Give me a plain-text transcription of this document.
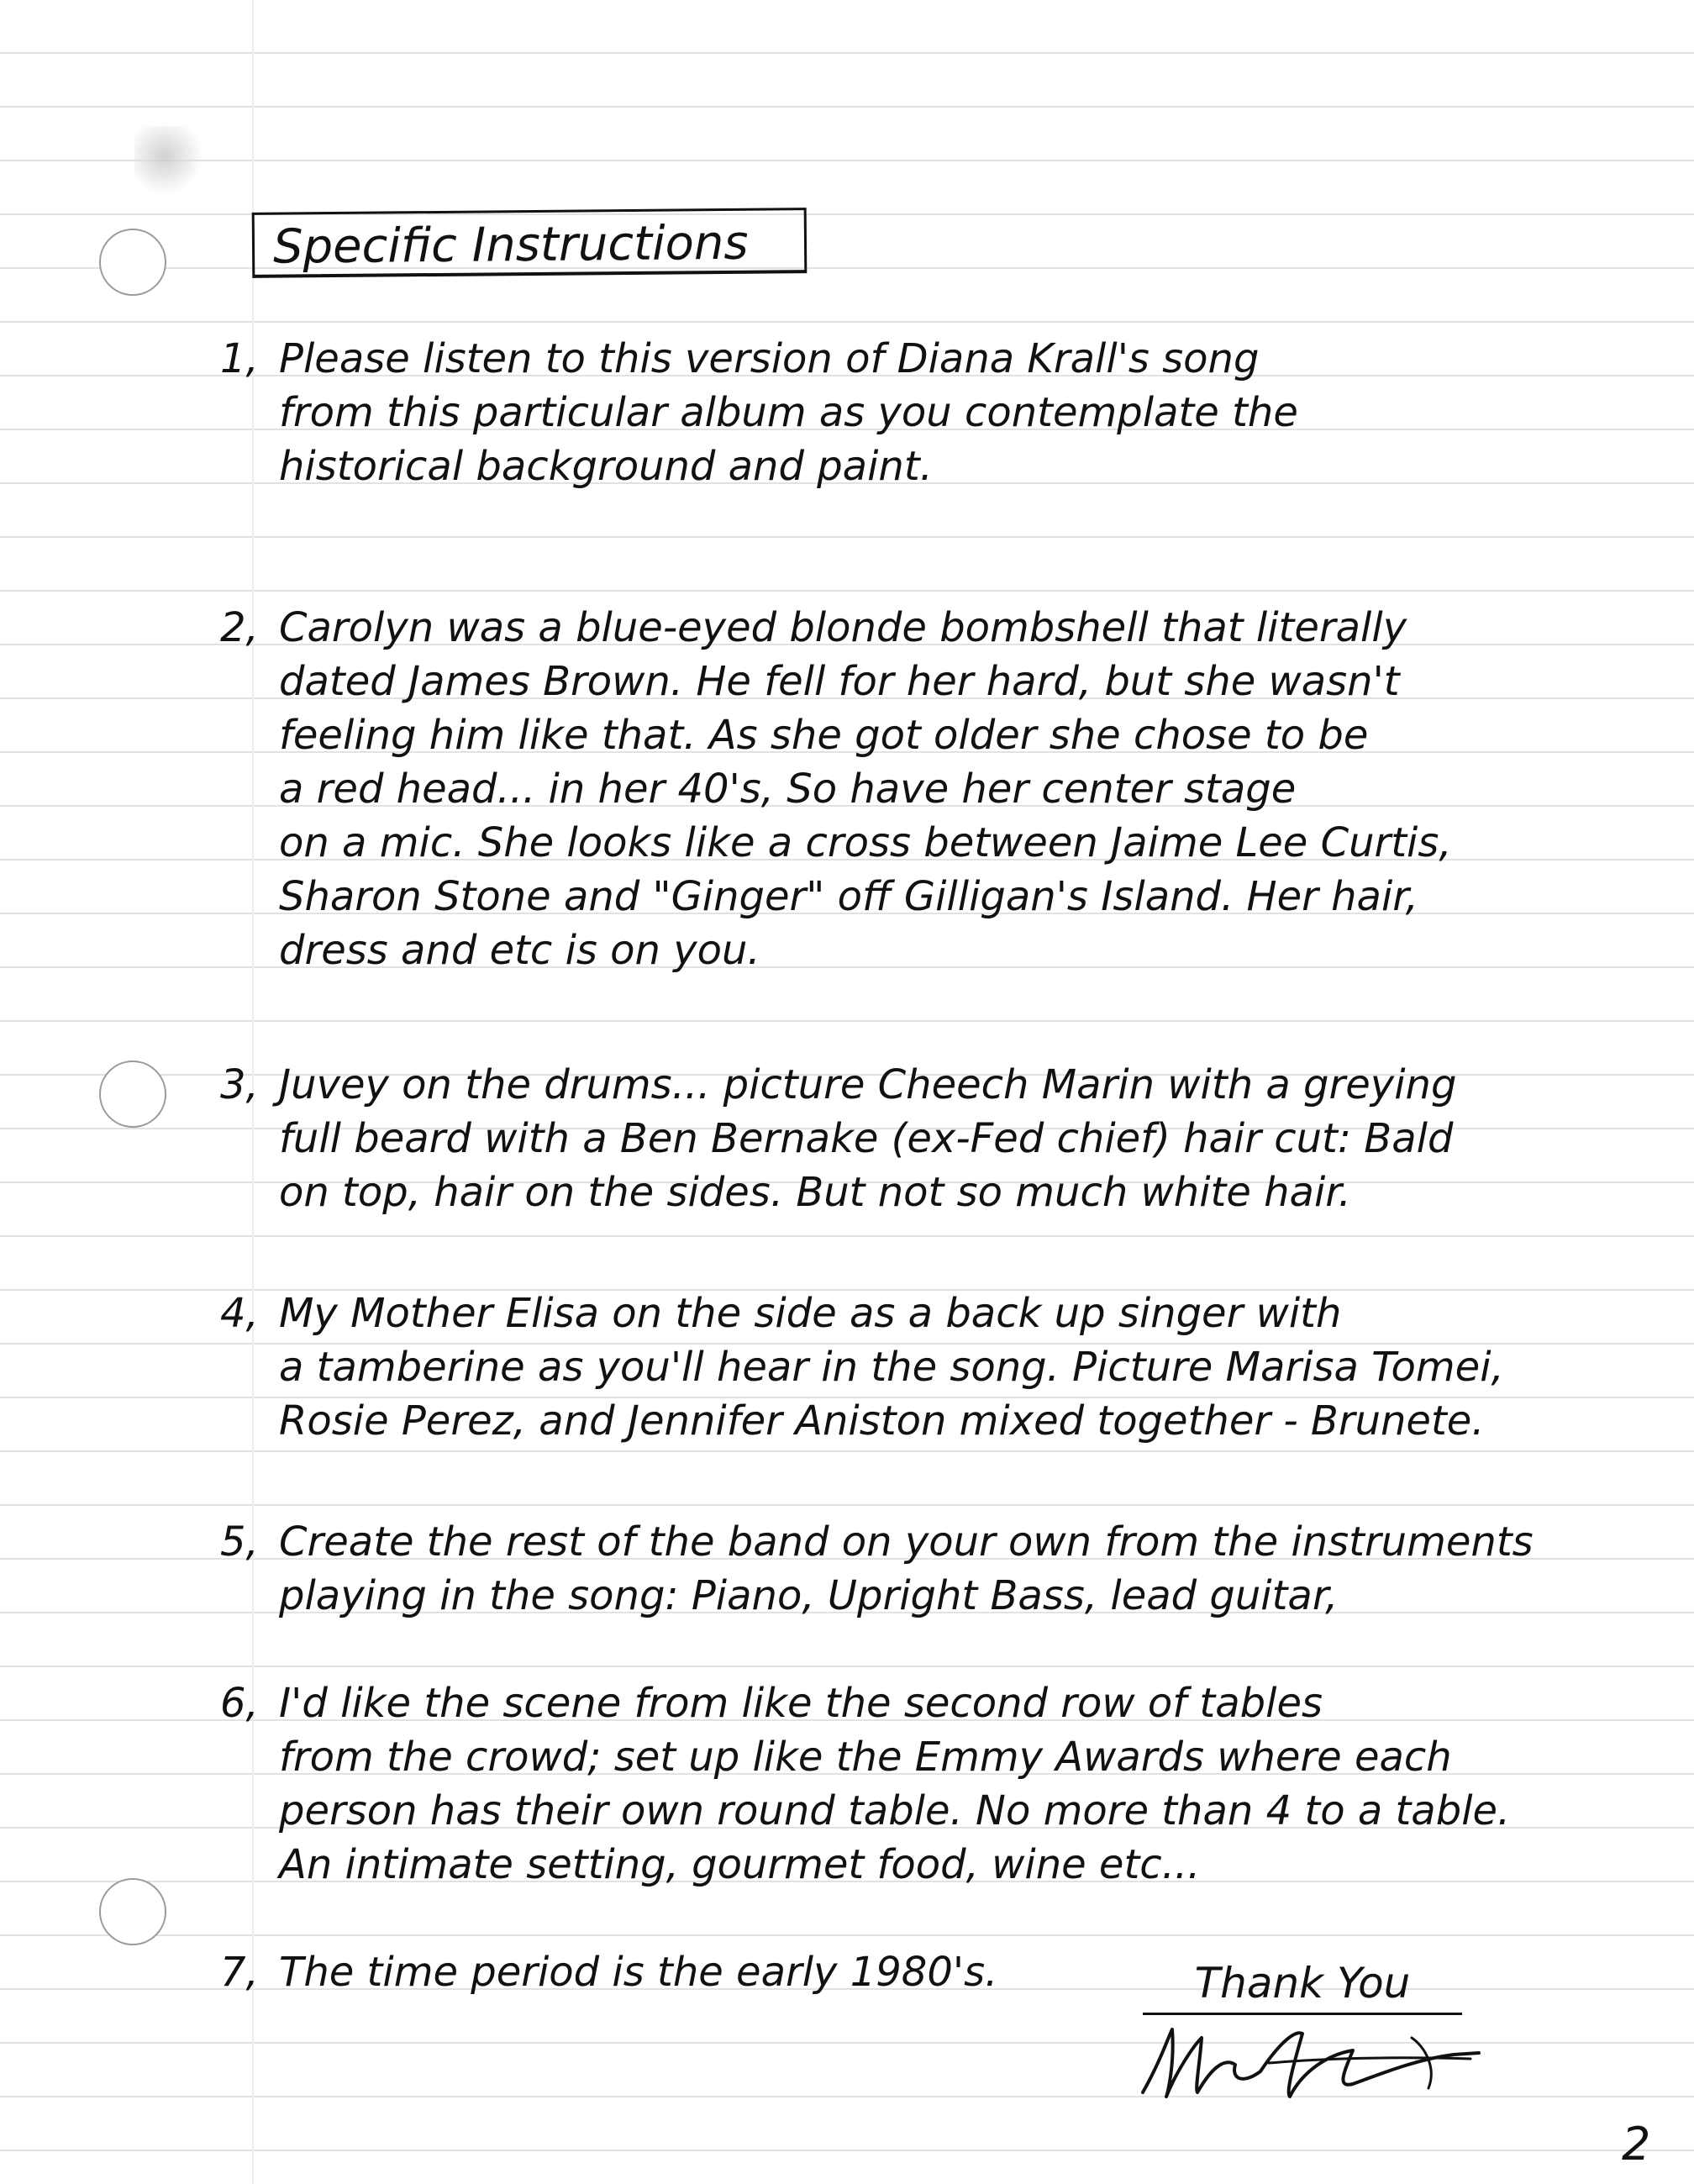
Specific Instructions
1, Please listen to this version of Diana Krall's song
from this particular album as you contemplate the
historical background and paint.
2, Carolyn was a blue-eyed blonde bombshell that literally
dated James Brown. He fell for her hard, but she wasn't
feeling him like that. As she got older she chose to be
a red head... in her 40's, So have her center stage
on a mic. She looks like a cross between Jaime Lee Curtis,
Sharon Stone and "Ginger" off Gilligan's Island. Her hair,
dress and etc is on you.
3, Juvey on the drums... picture Cheech Marin with a greying
full beard with a Ben Bernake (ex-Fed chief) hair cut: Bald
on top, hair on the sides. But not so much white hair.
4, My Mother Elisa on the side as a back up singer with
a tamberine as you'll hear in the song. Picture Marisa Tomei,
Rosie Perez, and Jennifer Aniston mixed together - Brunete.
5, Create the rest of the band on your own from the instruments
playing in the song: Piano, Upright Bass, lead guitar,
6, I'd like the scene from like the second row of tables
from the crowd; set up like the Emmy Awards where each
person has their own round table. No more than 4 to a table.
An intimate setting, gourmet food, wine etc...
7, The time period is the early 1980's.	Thank You
2
